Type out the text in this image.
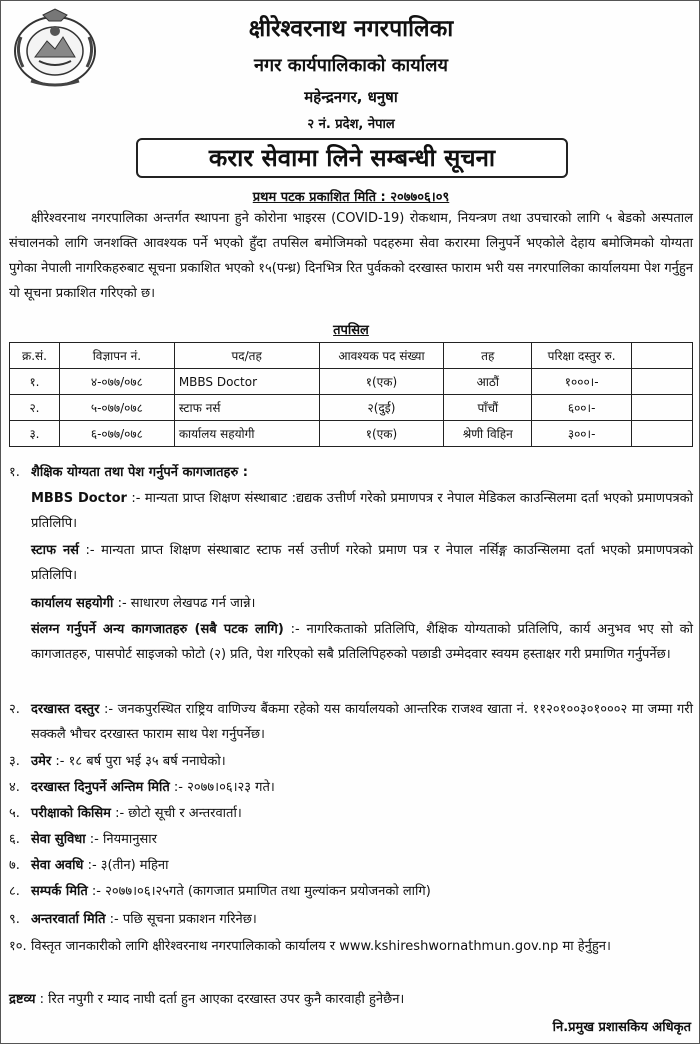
क्षीरेश्वरनाथ नगरपालिका
नगर कार्यपालिकाको कार्यालय
महेन्द्रनगर, धनुषा
२ नं. प्रदेश, नेपाल
करार सेवामा लिने सम्बन्धी सूचना
प्रथम पटक प्रकाशित मिति : २०७७०६।०९
क्षीरेश्वरनाथ नगरपालिका अन्तर्गत स्थापना हुने कोरोना भाइरस (COVID-19) रोकथाम, नियन्त्रण तथा उपचारको लागि ५ बेडको अस्पताल संचालनको लागि जनशक्ति आवश्यक पर्ने भएको हुँदा तपसिल बमोजिमको पदहरुमा सेवा करारमा लिनुपर्ने भएकोले देहाय बमोजिमको योग्यता पुगेका नेपाली नागरिकहरुबाट सूचना प्रकाशित भएको १५(पन्ध्र) दिनभित्र रित पुर्वकको दरखास्त फाराम भरी यस नगरपालिका कार्यालयमा पेश गर्नुहुन यो सूचना प्रकाशित गरिएको छ।
तपसिल
क्र.सं.	विज्ञापन नं.	पद/तह	आवश्यक पद संख्या	तह	परिक्षा दस्तुर रु.	
१.	४-०७७/०७८	MBBS Doctor	१(एक)	आठौं	१०००।-	
२.	५-०७७/०७८	स्टाफ नर्स	२(दुई)	पाँचौं	६००।-	
३.	६-०७७/०७८	कार्यालय सहयोगी	१(एक)	श्रेणी विहिन	३००।-	
१. शैक्षिक योग्यता तथा पेश गर्नुपर्ने कागजातहरु :
MBBS Doctor :- मान्यता प्राप्त शिक्षण संस्थाबाट :द्यद्यक उत्तीर्ण गरेको प्रमाणपत्र र नेपाल मेडिकल काउन्सिलमा दर्ता भएको प्रमाणपत्रको प्रतिलिपि।
स्टाफ नर्स :- मान्यता प्राप्त शिक्षण संस्थाबाट स्टाफ नर्स उत्तीर्ण गरेको प्रमाण पत्र र नेपाल नर्सिङ्ग काउन्सिलमा दर्ता भएको प्रमाणपत्रको प्रतिलिपि।
कार्यालय सहयोगी :- साधारण लेखपढ गर्न जान्ने।
संलग्न गर्नुपर्ने अन्य कागजातहरु (सबै पटक लागि) :- नागरिकताको प्रतिलिपि, शैक्षिक योग्यताको प्रतिलिपि, कार्य अनुभव भए सो को कागजातहरु, पासपोर्ट साइजको फोटो (२) प्रति, पेश गरिएको सबै प्रतिलिपिहरुको पछाडी उम्मेदवार स्वयम हस्ताक्षर गरी प्रमाणित गर्नुपर्नेछ।
२. दरखास्त दस्तुर :- जनकपुरस्थित राष्ट्रिय वाणिज्य बैंकमा रहेको यस कार्यालयको आन्तरिक राजश्व खाता नं. ११२०१००३०१०००२ मा जम्मा गरी सक्कलै भौचर दरखास्त फाराम साथ पेश गर्नुपर्नेछ।
३. उमेर :- १८ बर्ष पुरा भई ३५ बर्ष ननाघेको।
४. दरखास्त दिनुपर्ने अन्तिम मिति :- २०७७।०६।२३ गते।
५. परीक्षाको किसिम :- छोटो सूची र अन्तरवार्ता।
६. सेवा सुविधा :- नियमानुसार
७. सेवा अवधि :- ३(तीन) महिना
८. सम्पर्क मिति :- २०७७।०६।२५गते (कागजात प्रमाणित तथा मुल्यांकन प्रयोजनको लागि)
९. अन्तरवार्ता मिति :- पछि सूचना प्रकाशन गरिनेछ।
१०. विस्तृत जानकारीको लागि क्षीरेश्वरनाथ नगरपालिकाको कार्यालय र www.kshireshwornathmun.gov.np मा हेर्नुहुन।
द्रष्टव्य : रित नपुगी र म्याद नाघी दर्ता हुन आएका दरखास्त उपर कुनै कारवाही हुनेछैन।
नि.प्रमुख प्रशासकिय अधिकृत
